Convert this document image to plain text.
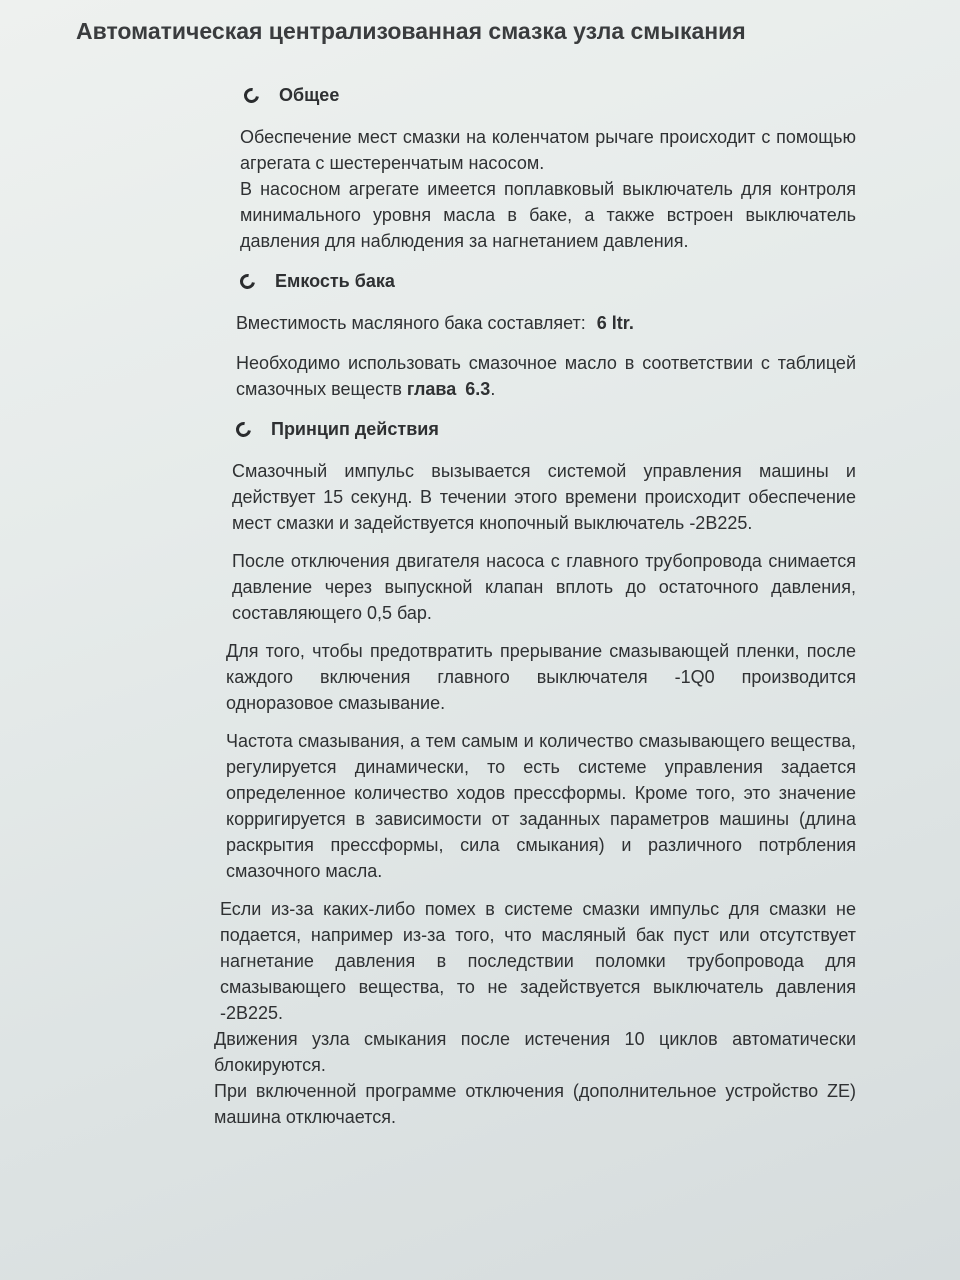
Автоматическая централизованная смазка узла смыкания
Общее

Обеспечение мест смазки на коленчатом рычаге происходит с помощью агрегата с шестеренчатым насосом.

В насосном агрегате имеется поплавковый выключатель для контроля минимального уровня масла в баке, а также встроен выключатель давления для наблюдения за нагнетанием давления.

Емкость бака

Вместимость масляного бака составляет: 6 ltr.

Необходимо использовать смазочное масло в соответствии с таблицей смазочных веществ глава 6.3.

Принцип действия

Смазочный импульс вызывается системой управления машины и действует 15 секунд. В течении этого времени происходит обеспечение мест смазки и задействуется кнопочный выключатель -2B225.

После отключения двигателя насоса с главного трубопровода снимается давление через выпускной клапан вплоть до остаточного давления, составляющего 0,5 бар.

Для того, чтобы предотвратить прерывание смазывающей пленки, после каждого включения главного выключателя -1Q0 производится одноразовое смазывание.

Частота смазывания, а тем самым и количество смазывающего вещества, регулируется динамически, то есть системе управления задается определенное количество ходов прессформы. Кроме того, это значение корригируется в зависимости от заданных параметров машины (длина раскрытия прессформы, сила смыкания) и различного потрбления смазочного масла.

Если из-за каких-либо помех в системе смазки импульс для смазки не подается, например из-за того, что масляный бак пуст или отсутствует нагнетание давления в последствии поломки трубопровода для смазывающего вещества, то не задействуется выключатель давления -2B225.

Движения узла смыкания после истечения 10 циклов автоматически блокируются.

При включенной программе отключения (дополнительное устройство ZE) машина отключается.
